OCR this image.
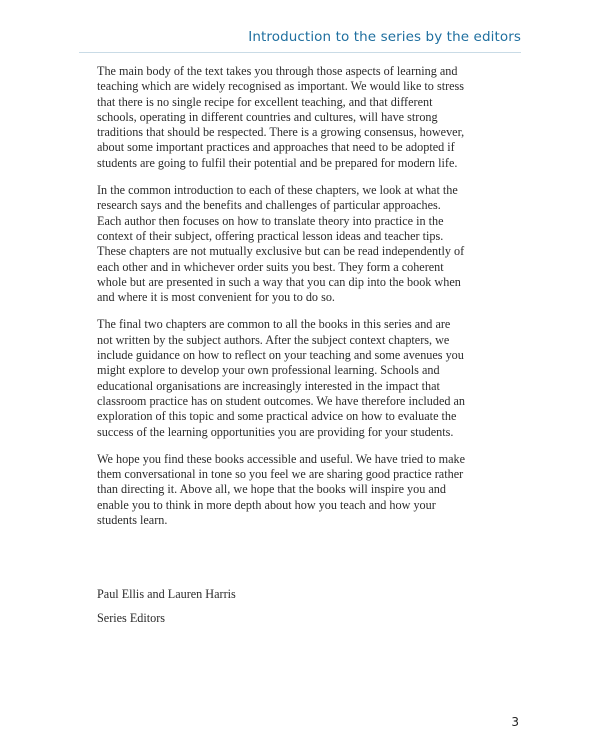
Introduction to the series by the editors

The main body of the text takes you through those aspects of learning and teaching which are widely recognised as important. We would like to stress that there is no single recipe for excellent teaching, and that different schools, operating in different countries and cultures, will have strong traditions that should be respected. There is a growing consensus, however, about some important practices and approaches that need to be adopted if students are going to fulfil their potential and be prepared for modern life.

In the common introduction to each of these chapters, we look at what the research says and the benefits and challenges of particular approaches. Each author then focuses on how to translate theory into practice in the context of their subject, offering practical lesson ideas and teacher tips. These chapters are not mutually exclusive but can be read independently of each other and in whichever order suits you best. They form a coherent whole but are presented in such a way that you can dip into the book when and where it is most convenient for you to do so.

The final two chapters are common to all the books in this series and are not written by the subject authors. After the subject context chapters, we include guidance on how to reflect on your teaching and some avenues you might explore to develop your own professional learning. Schools and educational organisations are increasingly interested in the impact that classroom practice has on student outcomes. We have therefore included an exploration of this topic and some practical advice on how to evaluate the success of the learning opportunities you are providing for your students.

We hope you find these books accessible and useful. We have tried to make them conversational in tone so you feel we are sharing good practice rather than directing it. Above all, we hope that the books will inspire you and enable you to think in more depth about how you teach and how your students learn.

Paul Ellis and Lauren Harris
Series Editors
3
